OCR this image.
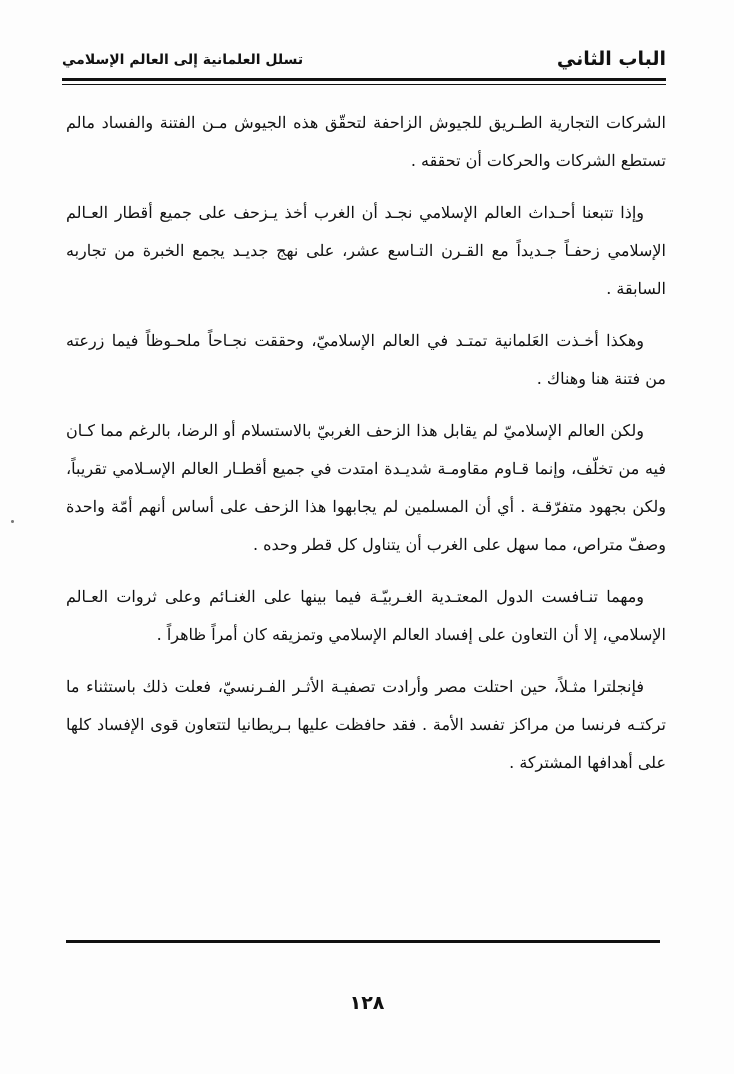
الباب الثاني
تسلل العلمانية إلى العالم الإسلامي

الشركات التجارية الطـريق للجيوش الزاحفة لتحقّق هذه الجيوش مـن الفتنة والفساد مالم تستطع الشركات والحركات أن تحققه .

وإذا تتبعنا أحـداث العالم الإسلامي نجـد أن الغرب أخذ يـزحف على جميع أقطار العـالم الإسلامي زحفـاً جـديداً مع القـرن التـاسع عشر، على نهج جديـد يجمع الخبرة من تجاربه السابقة .

وهكذا أخـذت العَلمانية تمتـد في العالم الإسلاميّ، وحققت نجـاحاً ملحـوظاً فيما زرعته من فتنة هنا وهناك .

ولكن العالم الإسلاميّ لم يقابل هذا الزحف الغربيّ بالاستسلام أو الرضا، بالرغم مما كـان فيه من تخلّف، وإنما قـاوم مقاومـة شديـدة امتدت في جميع أقطـار العالم الإسـلامي تقريباً، ولكن بجهود متفرّقـة . أي أن المسلمين لم يجابهوا هذا الزحف على أساس أنهم أمّة واحدة وصفّ متراص، مما سهل على الغرب أن يتناول كل قطر وحده .

ومهما تنـافست الدول المعتـدية الغـربيّـة فيما بينها على الغنـائم وعلى ثروات العـالم الإسلامي، إلا أن التعاون على إفساد العالم الإسلامي وتمزيقه كان أمراً ظاهراً .

فإنجلترا مثـلاً، حين احتلت مصر وأرادت تصفيـة الأثـر الفـرنسيّ، فعلت ذلك باستثناء ما تركتـه فرنسا من مراكز تفسد الأمة . فقد حافظت عليها بـريطانيا لتتعاون قوى الإفساد كلها على أهدافها المشتركة .

١٢٨
